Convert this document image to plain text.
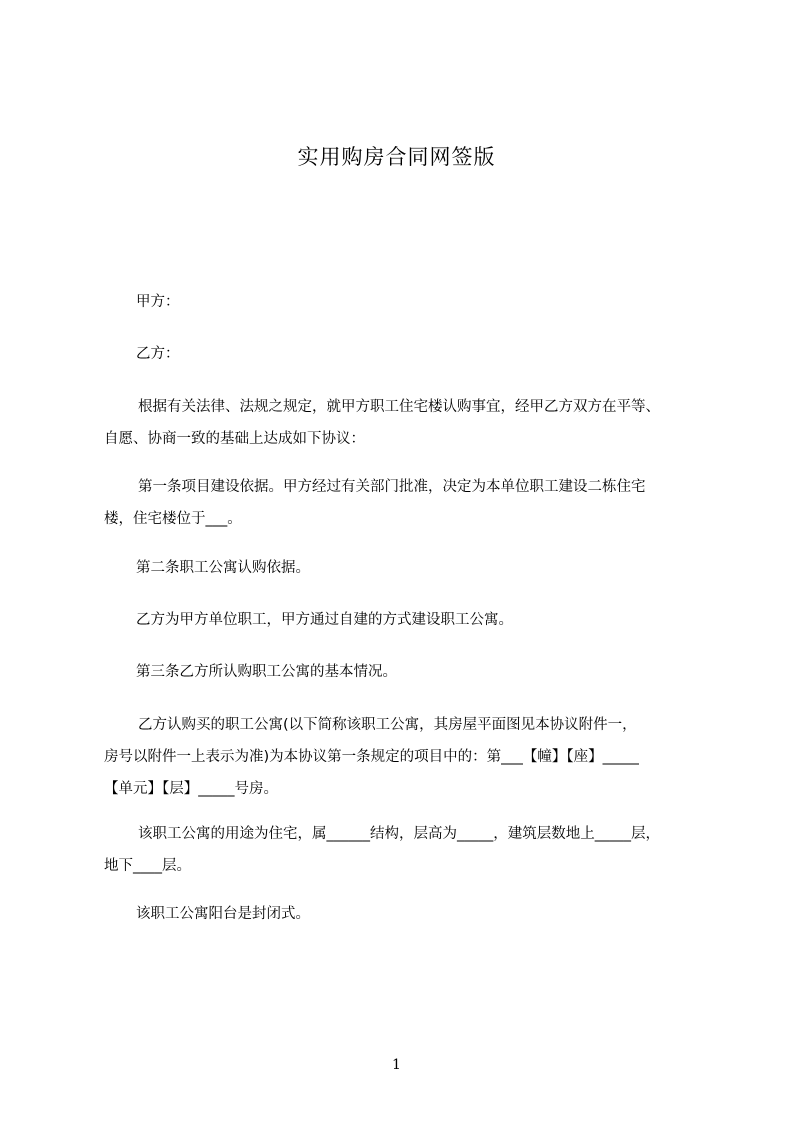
实用购房合同网签版
甲方：
乙方：
根据有关法律、法规之规定，就甲方职工住宅楼认购事宜，经甲乙方双方在平等、
自愿、协商一致的基础上达成如下协议：
第一条项目建设依据。甲方经过有关部门批准，决定为本单位职工建设二栋住宅
楼，住宅楼位于___。
第二条职工公寓认购依据。
乙方为甲方单位职工，甲方通过自建的方式建设职工公寓。
第三条乙方所认购职工公寓的基本情况。
乙方认购买的职工公寓(以下简称该职工公寓，其房屋平面图见本协议附件一，
房号以附件一上表示为准)为本协议第一条规定的项目中的：第___【幢】【座】_____
【单元】【层】_____号房。
该职工公寓的用途为住宅，属______结构，层高为_____，建筑层数地上_____层，
地下____层。
该职工公寓阳台是封闭式。
1
